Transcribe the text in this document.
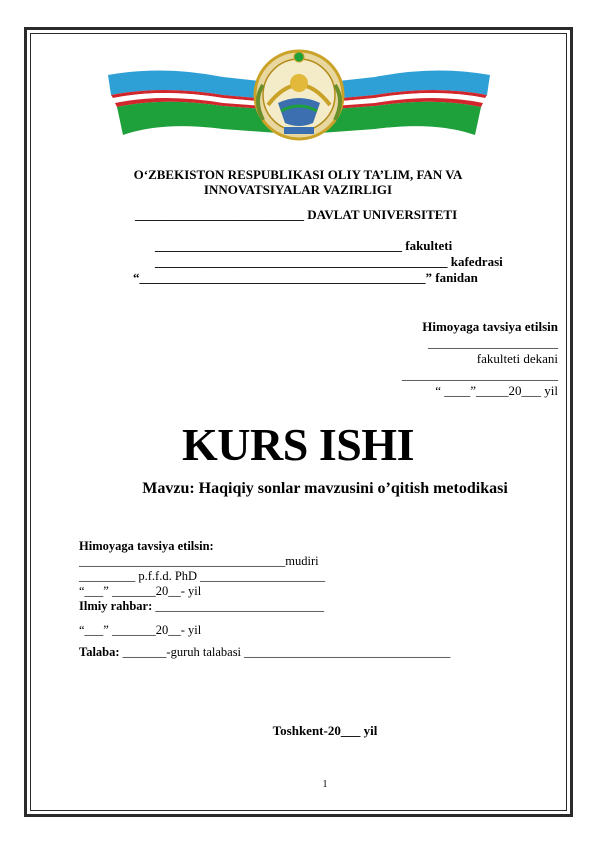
O‘ZBEKISTON RESPUBLIKASI OLIY TA’LIM, FAN VA
INNOVATSIYALAR VAZIRLIGI
__________________________ DAVLAT UNIVERSITETI
______________________________________ fakulteti
_____________________________________________ kafedrasi
“____________________________________________” fanidan
Himoyaga tavsiya etilsin
____________________
fakulteti dekani
________________________
“ ____”_____20___ yil
KURS ISHI
Mavzu: Haqiqiy sonlar mavzusini o’qitish metodikasi
Himoyaga tavsiya etilsin:
_________________________________mudiri
_________ p.f.f.d. PhD ____________________
“___” _______20__- yil
Ilmiy rahbar: ___________________________
“___” _______20__- yil
Talaba: _______-guruh talabasi _________________________________
Toshkent-20___ yil
1
